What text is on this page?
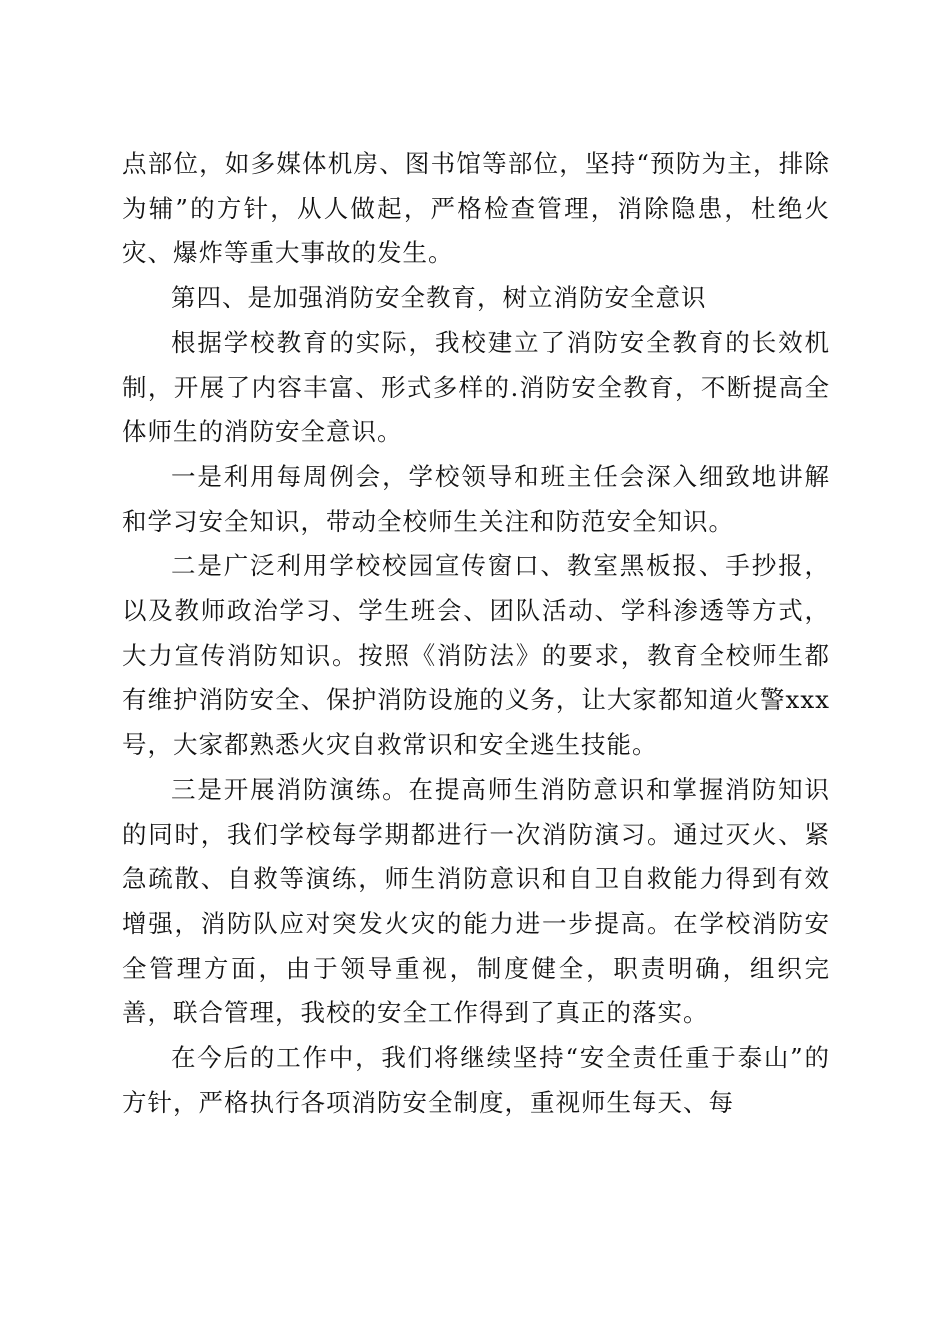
点部位，如多媒体机房、图书馆等部位，坚持“预防为主，排除为辅”的方针，从人做起，严格检查管理，消除隐患，杜绝火灾、爆炸等重大事故的发生。

第四、是加强消防安全教育，树立消防安全意识

根据学校教育的实际，我校建立了消防安全教育的长效机制，开展了内容丰富、形式多样的.消防安全教育，不断提高全体师生的消防安全意识。

一是利用每周例会，学校领导和班主任会深入细致地讲解和学习安全知识，带动全校师生关注和防范安全知识。

二是广泛利用学校校园宣传窗口、教室黑板报、手抄报，以及教师政治学习、学生班会、团队活动、学科渗透等方式，大力宣传消防知识。按照《消防法》的要求，教育全校师生都有维护消防安全、保护消防设施的义务，让大家都知道火警xxx号，大家都熟悉火灾自救常识和安全逃生技能。

三是开展消防演练。在提高师生消防意识和掌握消防知识的同时，我们学校每学期都进行一次消防演习。通过灭火、紧急疏散、自救等演练，师生消防意识和自卫自救能力得到有效增强，消防队应对突发火灾的能力进一步提高。在学校消防安全管理方面，由于领导重视，制度健全，职责明确，组织完善，联合管理，我校的安全工作得到了真正的落实。

在今后的工作中，我们将继续坚持“安全责任重于泰山”的方针，严格执行各项消防安全制度，重视师生每天、每
